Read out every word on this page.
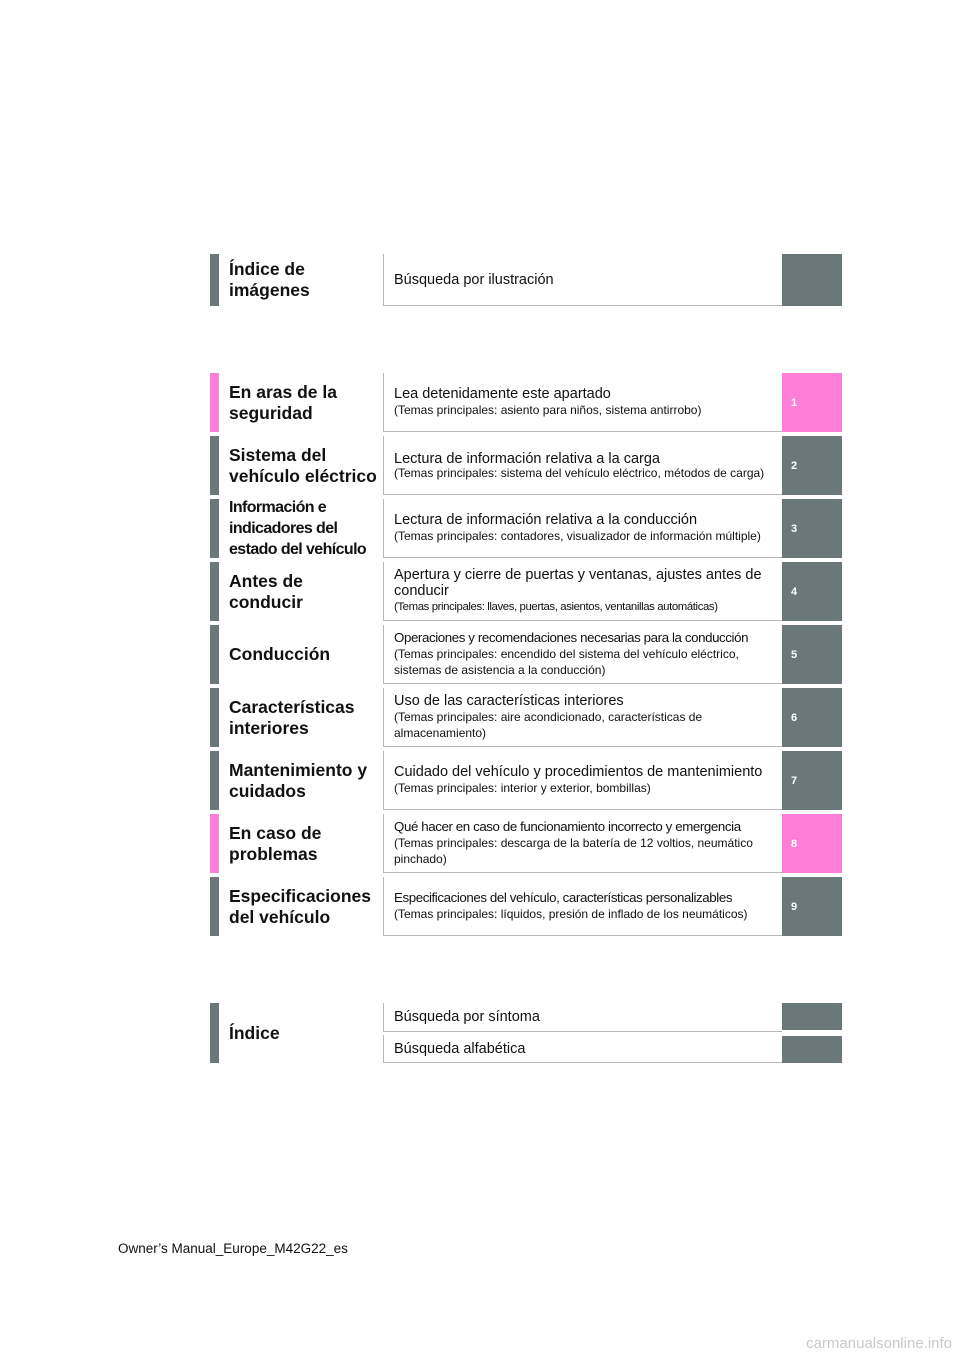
Índice de imágenes
Búsqueda por ilustración
En aras de la seguridad
Lea detenidamente este apartado
(Temas principales: asiento para niños, sistema antirrobo)
1
Sistema del vehículo eléctrico
Lectura de información relativa a la carga
(Temas principales: sistema del vehículo eléctrico, métodos de carga)
2
Información e indicadores del estado del vehículo
Lectura de información relativa a la conducción
(Temas principales: contadores, visualizador de información múltiple)
3
Antes de conducir
Apertura y cierre de puertas y ventanas, ajustes antes de conducir
(Temas principales: llaves, puertas, asientos, ventanillas automáticas)
4
Conducción
Operaciones y recomendaciones necesarias para la conducción
(Temas principales: encendido del sistema del vehículo eléctrico, sistemas de asistencia a la conducción)
5
Características interiores
Uso de las características interiores
(Temas principales: aire acondicionado, características de almacenamiento)
6
Mantenimiento y cuidados
Cuidado del vehículo y procedimientos de mantenimiento
(Temas principales: interior y exterior, bombillas)
7
En caso de problemas
Qué hacer en caso de funcionamiento incorrecto y emergencia
(Temas principales: descarga de la batería de 12 voltios, neumático pinchado)
8
Especificaciones del vehículo
Especificaciones del vehículo, características personalizables
(Temas principales: líquidos, presión de inflado de los neumáticos)
9
Índice
Búsqueda por síntoma
Búsqueda alfabética
Owner’s Manual_Europe_M42G22_es
carmanualsonline.info
